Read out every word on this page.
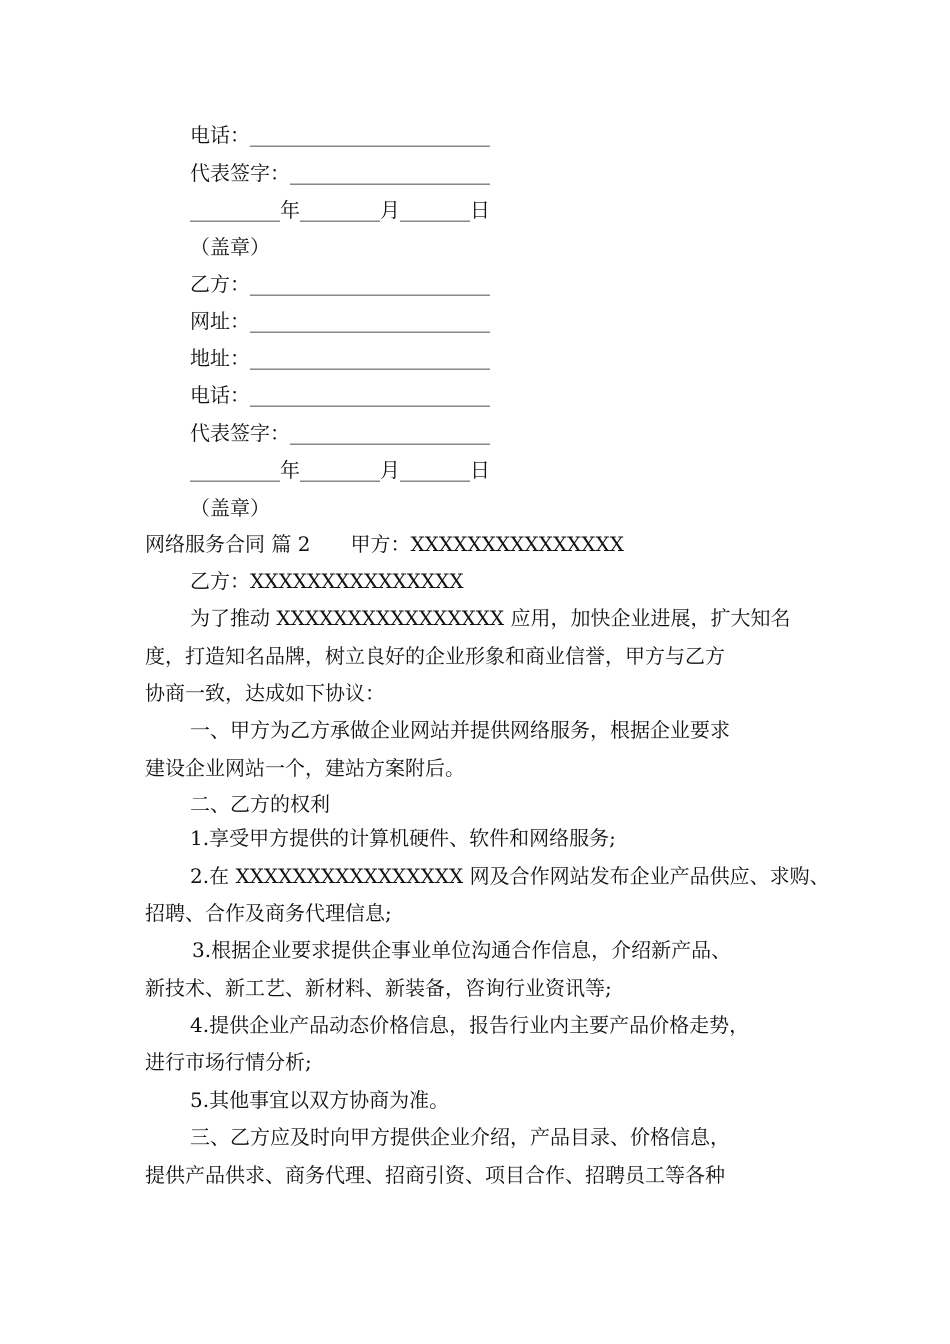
电话：________________________
代表签字：____________________
_________年________月_______日
（盖章）
乙方：________________________
网址：________________________
地址：________________________
电话：________________________
代表签字：____________________
_________年________月_______日
（盖章）
网络服务合同 篇 2　　甲方：XXXXXXXXXXXXXXX
乙方：XXXXXXXXXXXXXXX
为了推动 XXXXXXXXXXXXXXXX 应用，加快企业进展，扩大知名
度，打造知名品牌，树立良好的企业形象和商业信誉，甲方与乙方
协商一致，达成如下协议：
一、甲方为乙方承做企业网站并提供网络服务，根据企业要求
建设企业网站一个，建站方案附后。
二、乙方的权利
1.享受甲方提供的计算机硬件、软件和网络服务;
2.在 XXXXXXXXXXXXXXXX 网及合作网站发布企业产品供应、求购、
招聘、合作及商务代理信息;
3.根据企业要求提供企事业单位沟通合作信息，介绍新产品、
新技术、新工艺、新材料、新装备，咨询行业资讯等;
4.提供企业产品动态价格信息，报告行业内主要产品价格走势，
进行市场行情分析;
5.其他事宜以双方协商为准。
三、乙方应及时向甲方提供企业介绍，产品目录、价格信息，
提供产品供求、商务代理、招商引资、项目合作、招聘员工等各种
